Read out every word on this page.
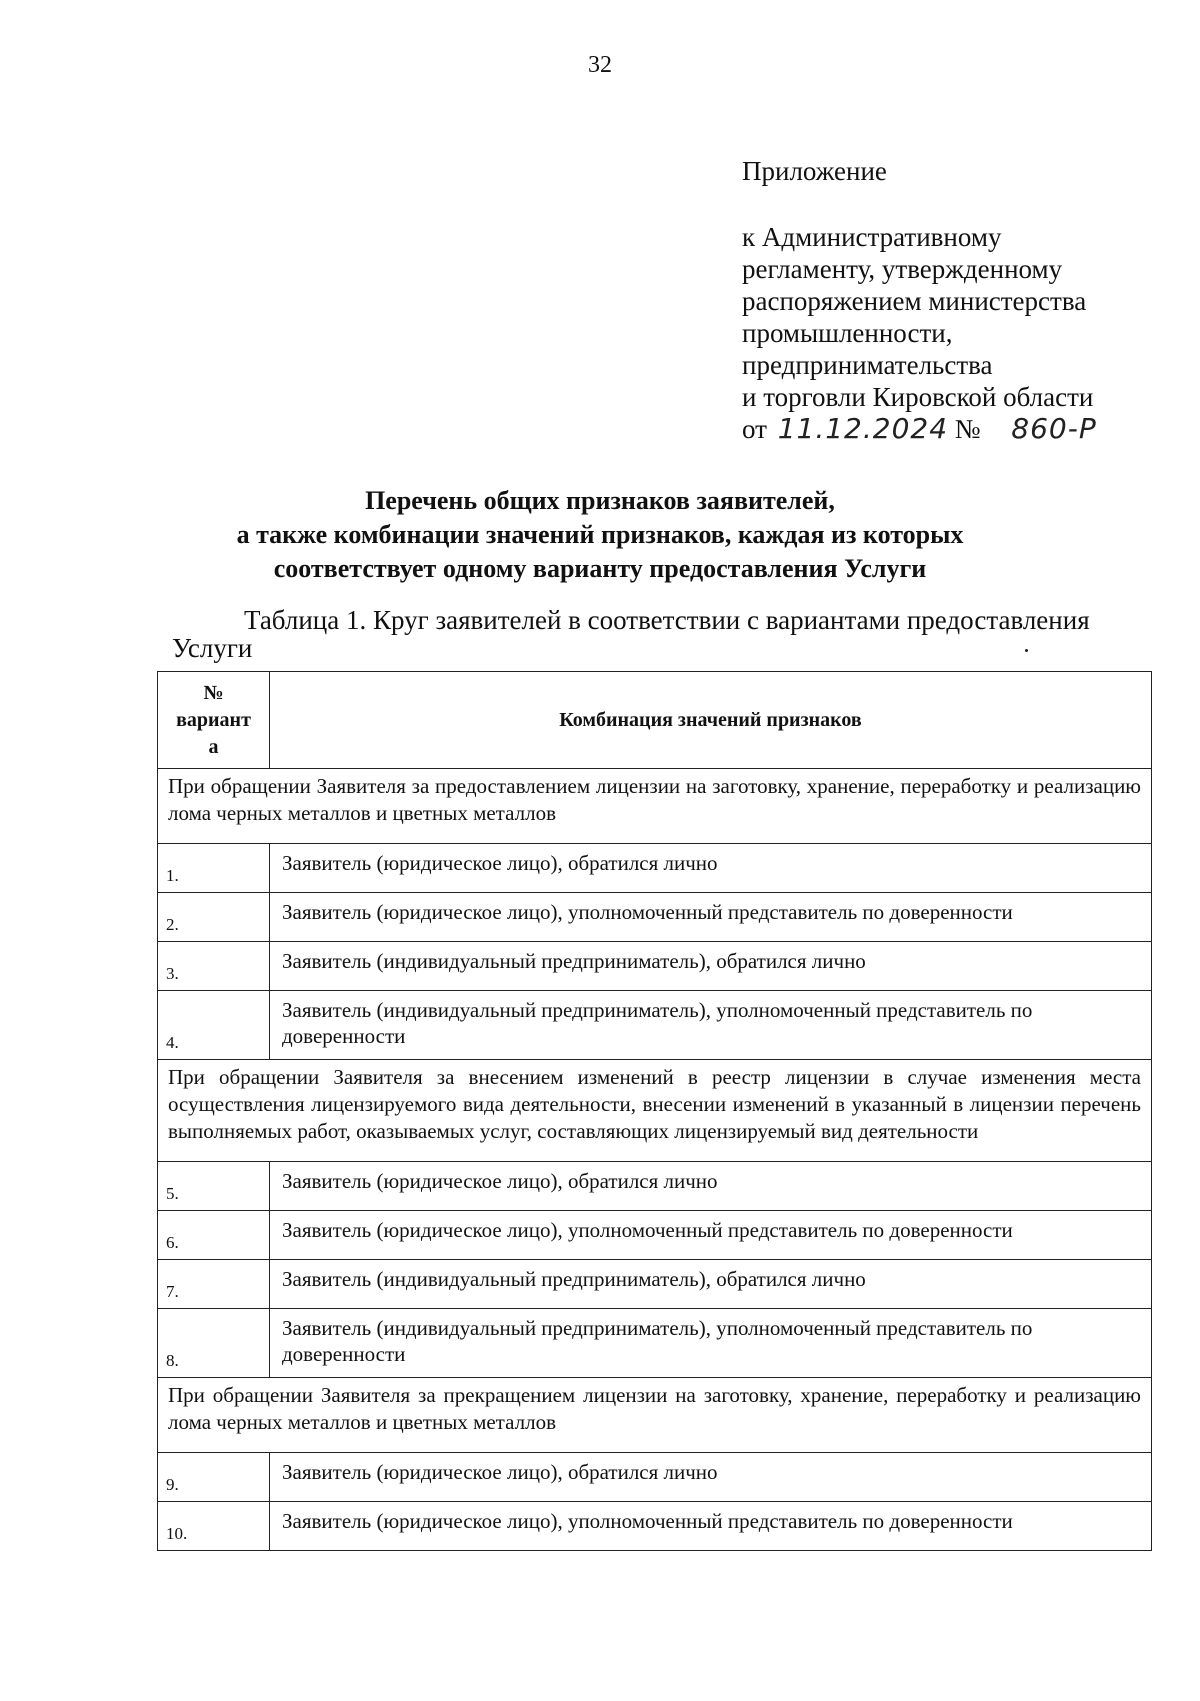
32
Приложение
к Административному
регламенту, утвержденному
распоряжением министерства
промышленности,
предпринимательства
и торговли Кировской области
от 11.12.2024 № 860-Р
Перечень общих признаков заявителей,
а также комбинации значений признаков, каждая из которых
соответствует одному варианту предоставления Услуги
Таблица 1. Круг заявителей в соответствии с вариантами предоставления
Услуги
№
вариант
а	Комбинация значений признаков
При обращении Заявителя за предоставлением лицензии на заготовку, хранение, переработку и реализацию лома черных металлов и цветных металлов	
1.	Заявитель (юридическое лицо), обратился лично
2.	Заявитель (юридическое лицо), уполномоченный представитель по доверенности
3.	Заявитель (индивидуальный предприниматель), обратился лично
4.	Заявитель (индивидуальный предприниматель), уполномоченный представитель по доверенности
При обращении Заявителя за внесением изменений в реестр лицензии в случае изменения места осуществления лицензируемого вида деятельности, внесении изменений в указанный в лицензии перечень выполняемых работ, оказываемых услуг, составляющих лицензируемый вид деятельности	
5.	Заявитель (юридическое лицо), обратился лично
6.	Заявитель (юридическое лицо), уполномоченный представитель по доверенности
7.	Заявитель (индивидуальный предприниматель), обратился лично
8.	Заявитель (индивидуальный предприниматель), уполномоченный представитель по доверенности
При обращении Заявителя за прекращением лицензии на заготовку, хранение, переработку и реализацию лома черных металлов и цветных металлов	
9.	Заявитель (юридическое лицо), обратился лично
10.	Заявитель (юридическое лицо), уполномоченный представитель по доверенности
